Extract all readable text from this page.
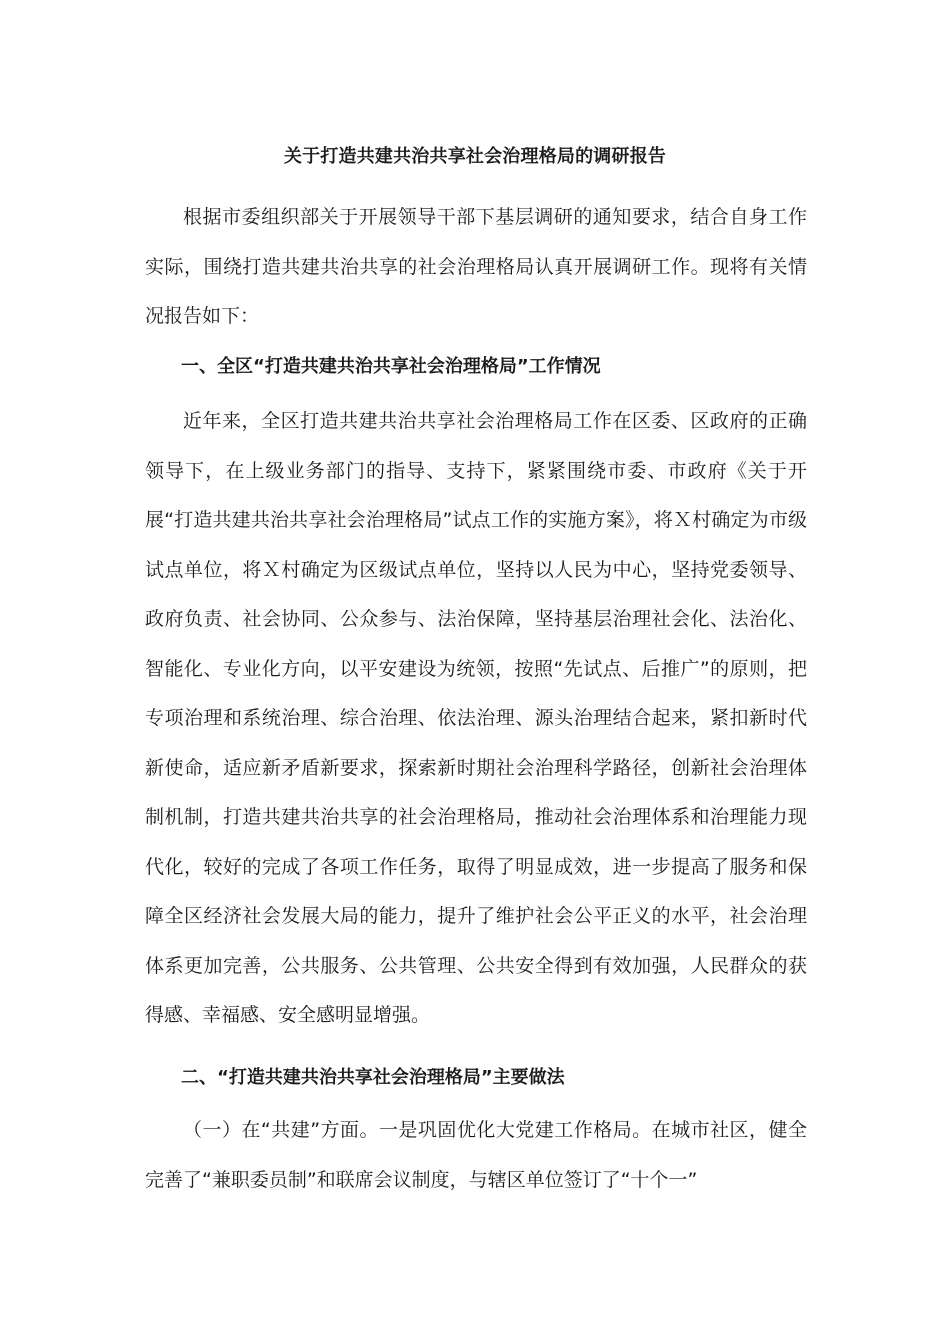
关于打造共建共治共享社会治理格局的调研报告

根据市委组织部关于开展领导干部下基层调研的通知要求，结合自身工作实际，围绕打造共建共治共享的社会治理格局认真开展调研工作。现将有关情况报告如下：

一、全区“打造共建共治共享社会治理格局”工作情况

近年来，全区打造共建共治共享社会治理格局工作在区委、区政府的正确领导下，在上级业务部门的指导、支持下，紧紧围绕市委、市政府《关于开展“打造共建共治共享社会治理格局”试点工作的实施方案》，将Ｘ村确定为市级试点单位，将Ｘ村确定为区级试点单位，坚持以人民为中心，坚持党委领导、政府负责、社会协同、公众参与、法治保障，坚持基层治理社会化、法治化、智能化、专业化方向，以平安建设为统领，按照“先试点、后推广”的原则，把专项治理和系统治理、综合治理、依法治理、源头治理结合起来，紧扣新时代新使命，适应新矛盾新要求，探索新时期社会治理科学路径，创新社会治理体制机制，打造共建共治共享的社会治理格局，推动社会治理体系和治理能力现代化，较好的完成了各项工作任务，取得了明显成效，进一步提高了服务和保障全区经济社会发展大局的能力，提升了维护社会公平正义的水平，社会治理体系更加完善，公共服务、公共管理、公共安全得到有效加强，人民群众的获得感、幸福感、安全感明显增强。

二、“打造共建共治共享社会治理格局”主要做法

（一）在“共建”方面。一是巩固优化大党建工作格局。在城市社区，健全完善了“兼职委员制”和联席会议制度，与辖区单位签订了“十个一”
